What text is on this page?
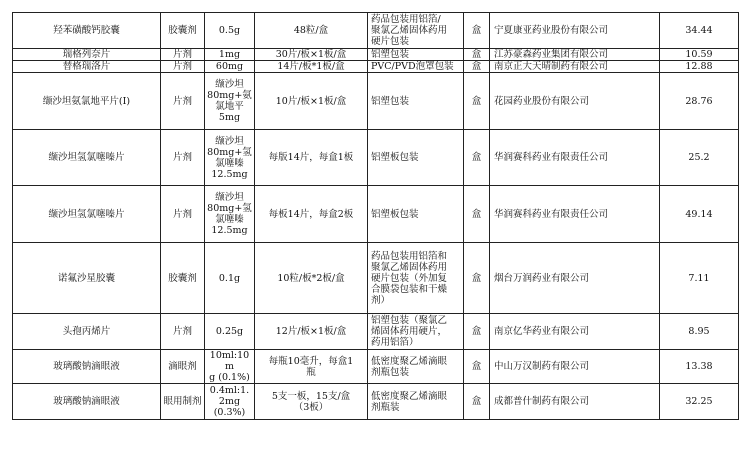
羟苯磺酸钙胶囊	胶囊剂	0.5g	48粒/盒	药品包装用铝箔/
聚氯乙烯固体药用
硬片包装	盒	宁夏康亚药业股份有限公司	34.44

瑞格列奈片	片剂	1mg	30片/板×1板/盒	铝塑包装	盒	江苏豪森药业集团有限公司	10.59

替格瑞洛片	片剂	60mg	14片/板*1板/盒	PVC/PVD泡罩包装	盒	南京正大天晴制药有限公司	12.88

缬沙坦氨氯地平片(Ⅰ)	片剂	缬沙坦
80mg+氨
氯地平
5mg	10片/板×1板/盒	铝塑包装	盒	花园药业股份有限公司	28.76

缬沙坦氢氯噻嗪片	片剂	缬沙坦
80mg+氢
氯噻嗪
12.5mg	每版14片，每盒1板	铝塑板包装	盒	华润赛科药业有限责任公司	25.2

缬沙坦氢氯噻嗪片	片剂	缬沙坦
80mg+氢
氯噻嗪
12.5mg	每板14片，每盒2板	铝塑板包装	盒	华润赛科药业有限责任公司	49.14

诺氟沙星胶囊	胶囊剂	0.1g	10粒/板*2板/盒	药品包装用铝箔和
聚氯乙烯固体药用
硬片包装（外加复
合膜袋包装和干燥
剂）	盒	烟台万润药业有限公司	7.11

头孢丙烯片	片剂	0.25g	12片/板×1板/盒	铝塑包装（聚氯乙
烯固体药用硬片，
药用铝箔）	盒	南京亿华药业有限公司	8.95

玻璃酸钠滴眼液	滴眼剂	10ml:10m
g (0.1%)	每瓶10毫升，每盒1
瓶	低密度聚乙烯滴眼
剂瓶包装	盒	中山万汉制药有限公司	13.38

玻璃酸钠滴眼液	眼用制剂	0.4ml:1.
2mg
(0.3%)	5支一板，15支/盒
（3板）	低密度聚乙烯滴眼
剂瓶装	盒	成都普什制药有限公司	32.25
